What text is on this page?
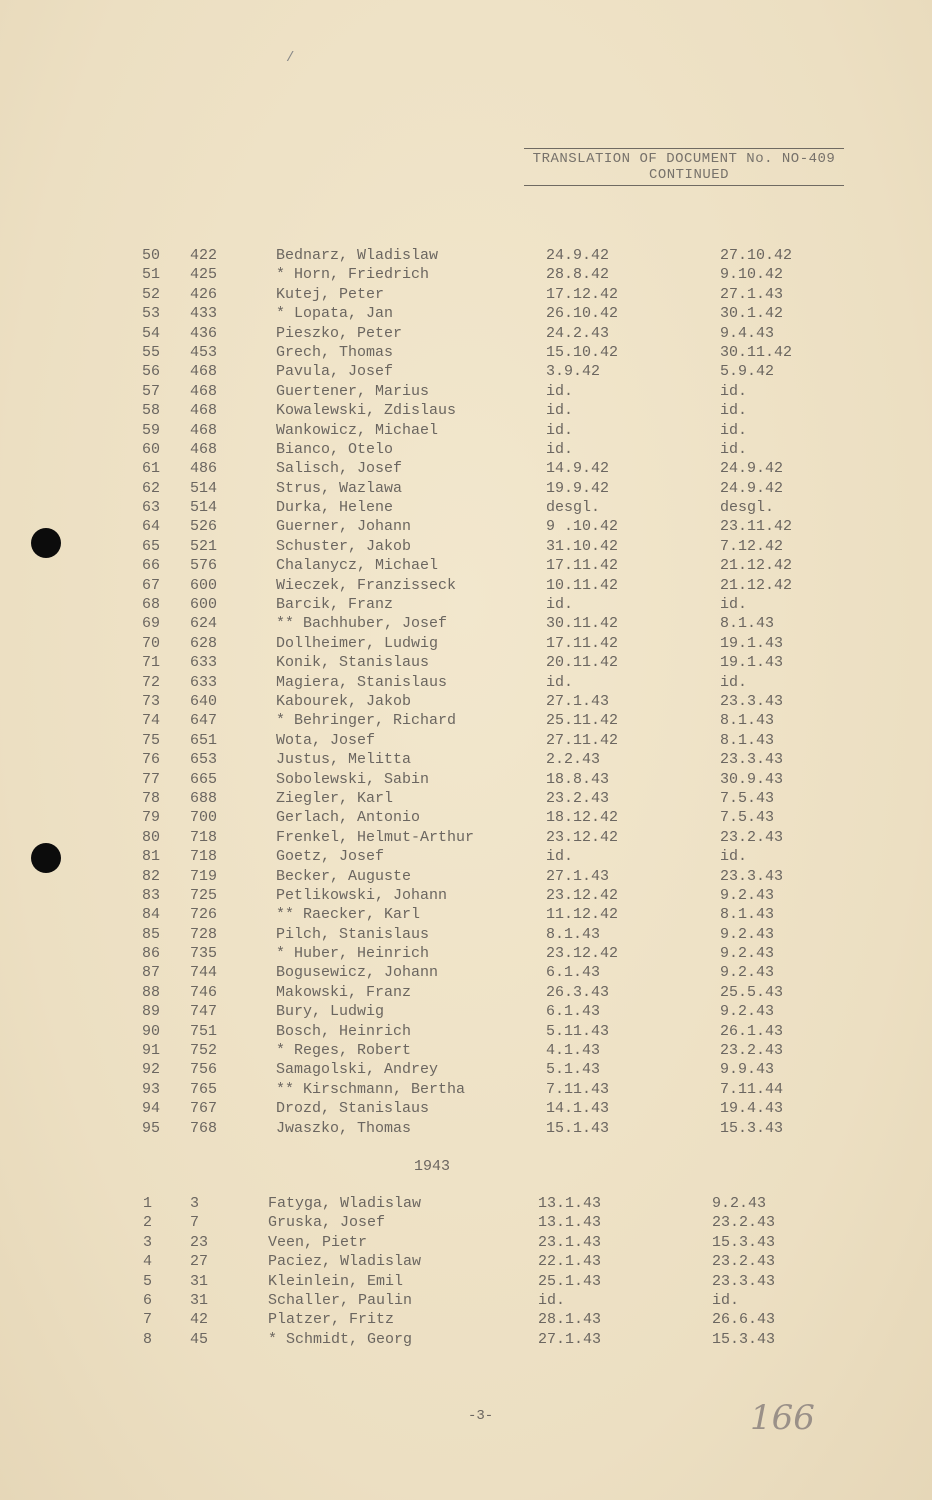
/
TRANSLATION OF DOCUMENT No. NO-409
CONTINUED
50 422	Bednarz, Wladislaw	24.9.42	27.10.42
51 425	* Horn, Friedrich	28.8.42	9.10.42
52 426	Kutej, Peter	17.12.42	27.1.43
53 433	* Lopata, Jan	26.10.42	30.1.42
54 436	Pieszko, Peter	24.2.43	9.4.43
55 453	Grech, Thomas	15.10.42	30.11.42
56 468	Pavula, Josef	3.9.42	5.9.42
57 468	Guertener, Marius	id.	id.
58 468	Kowalewski, Zdislaus	id.	id.
59 468	Wankowicz, Michael	id.	id.
60 468	Bianco, Otelo	id.	id.
61 486	Salisch, Josef	14.9.42	24.9.42
62 514	Strus, Wazlawa	19.9.42	24.9.42
63 514	Durka, Helene	desgl.	desgl.
64 526	Guerner, Johann	9 .10.42	23.11.42
65 521	Schuster, Jakob	31.10.42	7.12.42
66 576	Chalanycz, Michael	17.11.42	21.12.42
67 600	Wieczek, Franzisseck	10.11.42	21.12.42
68 600	Barcik, Franz	id.	id.
69 624	** Bachhuber, Josef	30.11.42	8.1.43
70 628	Dollheimer, Ludwig	17.11.42	19.1.43
71 633	Konik, Stanislaus	20.11.42	19.1.43
72 633	Magiera, Stanislaus	id.	id.
73 640	Kabourek, Jakob	27.1.43	23.3.43
74 647	* Behringer, Richard	25.11.42	8.1.43
75 651	Wota, Josef	27.11.42	8.1.43
76 653	Justus, Melitta	2.2.43	23.3.43
77 665	Sobolewski, Sabin	18.8.43	30.9.43
78 688	Ziegler, Karl	23.2.43	7.5.43
79 700	Gerlach, Antonio	18.12.42	7.5.43
80 718	Frenkel, Helmut-Arthur	23.12.42	23.2.43
81 718	Goetz, Josef	id.	id.
82 719	Becker, Auguste	27.1.43	23.3.43
83 725	Petlikowski, Johann	23.12.42	9.2.43
84 726	** Raecker, Karl	11.12.42	8.1.43
85 728	Pilch, Stanislaus	8.1.43	9.2.43
86 735	* Huber, Heinrich	23.12.42	9.2.43
87 744	Bogusewicz, Johann	6.1.43	9.2.43
88 746	Makowski, Franz	26.3.43	25.5.43
89 747	Bury, Ludwig	6.1.43	9.2.43
90 751	Bosch, Heinrich	5.11.43	26.1.43
91 752	* Reges, Robert	4.1.43	23.2.43
92 756	Samagolski, Andrey	5.1.43	9.9.43
93 765	** Kirschmann, Bertha	7.11.43	7.11.44
94 767	Drozd, Stanislaus	14.1.43	19.4.43
95 768	Jwaszko, Thomas	15.1.43	15.3.43
1943
1	3	Fatyga, Wladislaw	13.1.43	9.2.43
2	7	Gruska, Josef	13.1.43	23.2.43
3	23	Veen, Pietr	23.1.43	15.3.43
4	27	Paciez, Wladislaw	22.1.43	23.2.43
5	31	Kleinlein, Emil	25.1.43	23.3.43
6	31	Schaller, Paulin	id.	id.
7	42	Platzer, Fritz	28.1.43	26.6.43
8	45	* Schmidt, Georg	27.1.43	15.3.43
-3-	166
